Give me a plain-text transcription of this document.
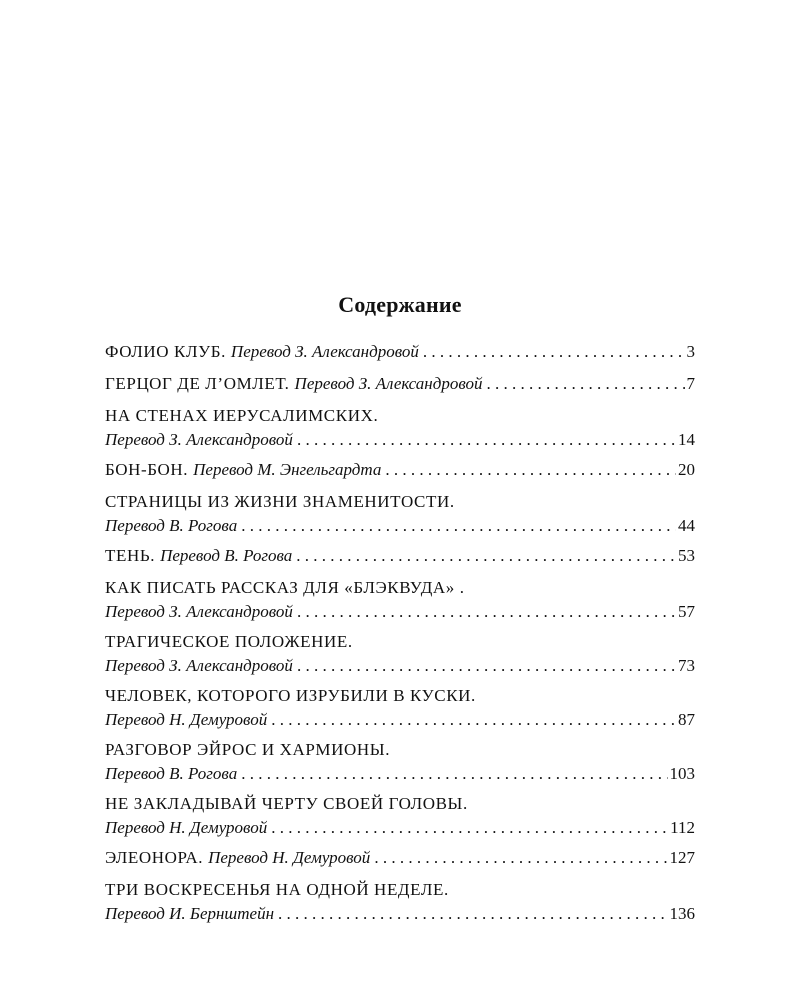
Содержание
ФОЛИО КЛУБ. Перевод З. Александровой . . .	3
ГЕРЦОГ ДЕ Л’ОМЛЕТ. Перевод З. Александровой . . .	7
НА СТЕНАХ ИЕРУСАЛИМСКИХ.
Перевод З. Александровой . . .	14
БОН-БОН. Перевод М. Энгельгардта . . .	20
СТРАНИЦЫ ИЗ ЖИЗНИ ЗНАМЕНИТОСТИ.
Перевод В. Рогова . . .	44
ТЕНЬ. Перевод В. Рогова . . .	53
КАК ПИСАТЬ РАССКАЗ ДЛЯ «БЛЭКВУДА» .
Перевод З. Александровой . . .	57
ТРАГИЧЕСКОЕ ПОЛОЖЕНИЕ.
Перевод З. Александровой . . .	73
ЧЕЛОВЕК, КОТОРОГО ИЗРУБИЛИ В КУСКИ.
Перевод Н. Демуровой . . .	87
РАЗГОВОР ЭЙРОС И ХАРМИОНЫ.
Перевод В. Рогова . . .	103
НЕ ЗАКЛАДЫВАЙ ЧЕРТУ СВОЕЙ ГОЛОВЫ.
Перевод Н. Демуровой . . .	112
ЭЛЕОНОРА. Перевод Н. Демуровой . . .	127
ТРИ ВОСКРЕСЕНЬЯ НА ОДНОЙ НЕДЕЛЕ.
Перевод И. Бернштейн . . .	136
